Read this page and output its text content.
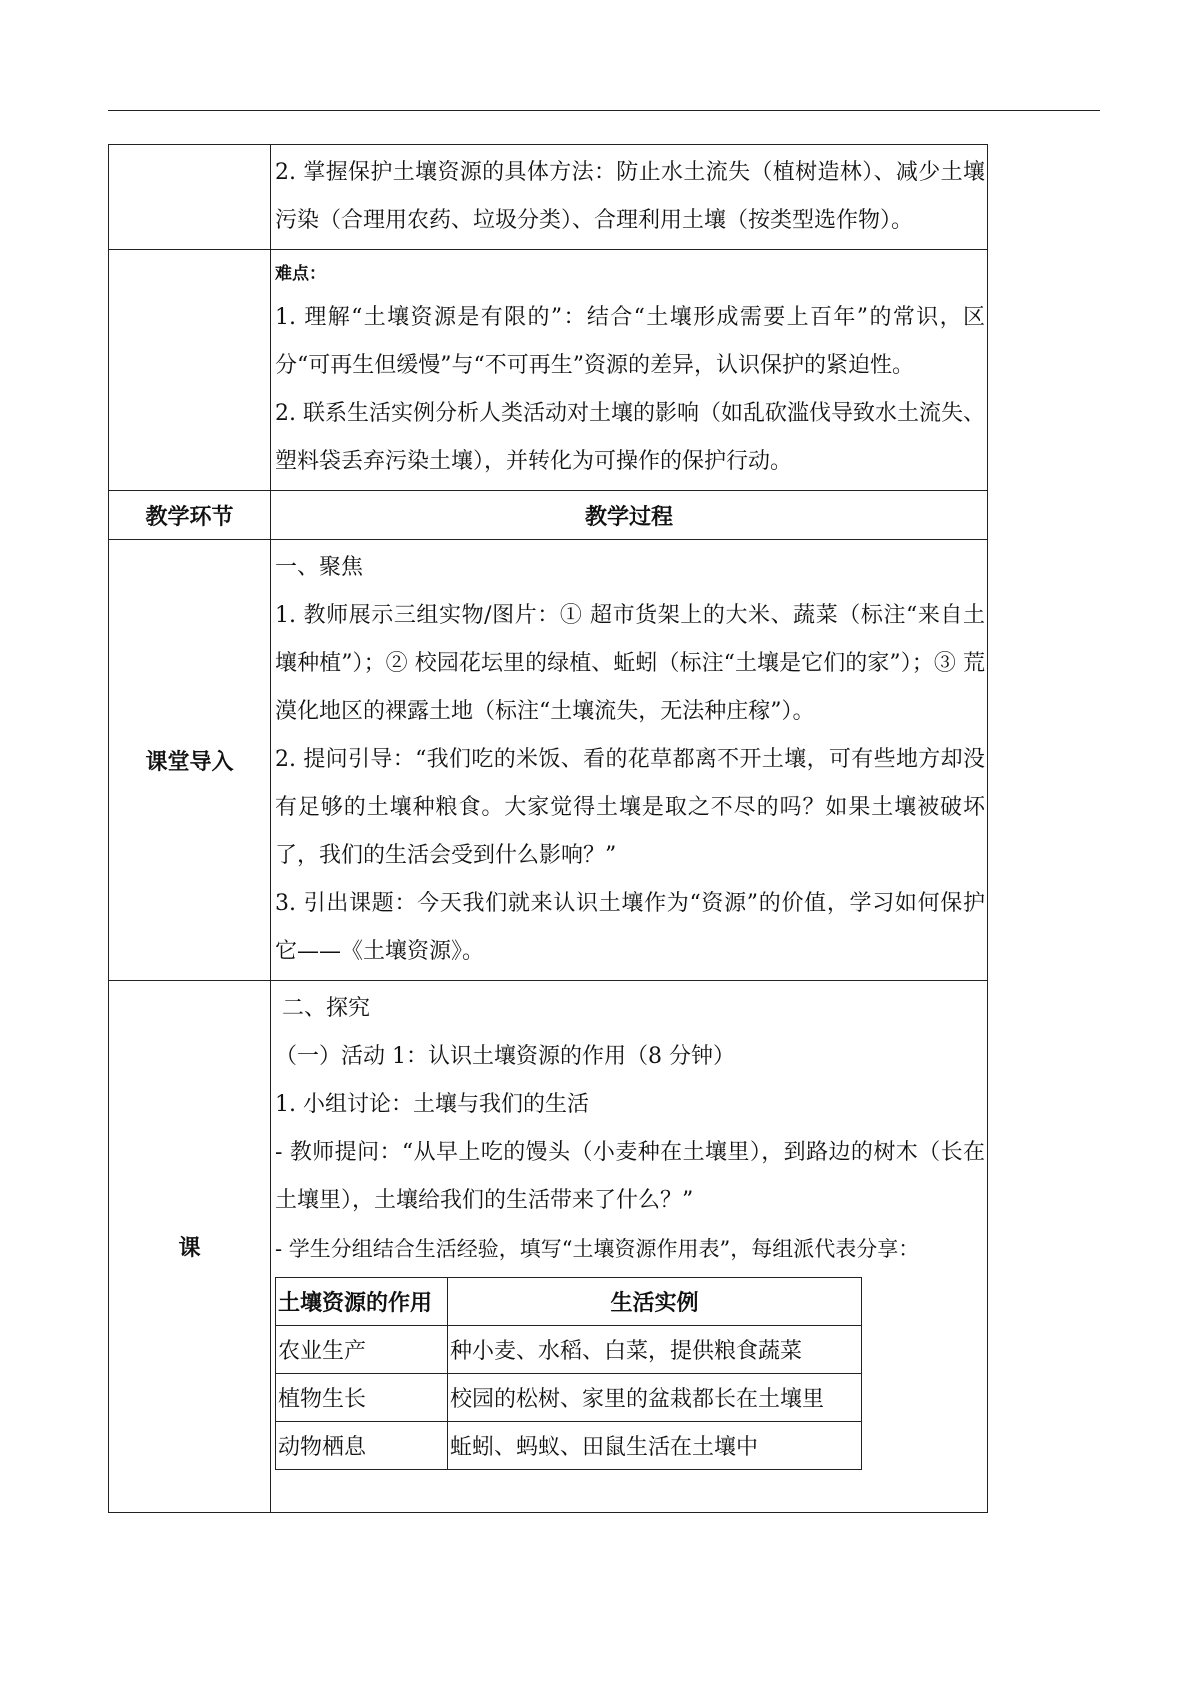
2. 掌握保护土壤资源的具体方法：防止水土流失（植树造林）、减少土壤污染（合理用农药、垃圾分类）、合理利用土壤（按类型选作物）。

难点：

1. 理解“土壤资源是有限的”：结合“土壤形成需要上百年”的常识，区分“可再生但缓慢”与“不可再生”资源的差异，认识保护的紧迫性。

2. 联系生活实例分析人类活动对土壤的影响（如乱砍滥伐导致水土流失、塑料袋丢弃污染土壤），并转化为可操作的保护行动。

教学环节	教学过程
课堂导入	

一、聚焦

1. 教师展示三组实物/图片：① 超市货架上的大米、蔬菜（标注“来自土壤种植”）；② 校园花坛里的绿植、蚯蚓（标注“土壤是它们的家”）；③ 荒漠化地区的裸露土地（标注“土壤流失，无法种庄稼”）。

2. 提问引导：“我们吃的米饭、看的花草都离不开土壤，可有些地方却没有足够的土壤种粮食。大家觉得土壤是取之不尽的吗？如果土壤被破坏了，我们的生活会受到什么影响？”

3. 引出课题：今天我们就来认识土壤作为“资源”的价值，学习如何保护它——《土壤资源》。

课	

二、探究

（一）活动 1：认识土壤资源的作用（8 分钟）

1. 小组讨论：土壤与我们的生活

- 教师提问：“从早上吃的馒头（小麦种在土壤里），到路边的树木（长在土壤里），土壤给我们的生活带来了什么？”

- 学生分组结合生活经验，填写“土壤资源作用表”，每组派代表分享：

土壤资源的作用	生活实例
农业生产	种小麦、水稻、白菜，提供粮食蔬菜
植物生长	校园的松树、家里的盆栽都长在土壤里
动物栖息	蚯蚓、蚂蚁、田鼠生活在土壤中
